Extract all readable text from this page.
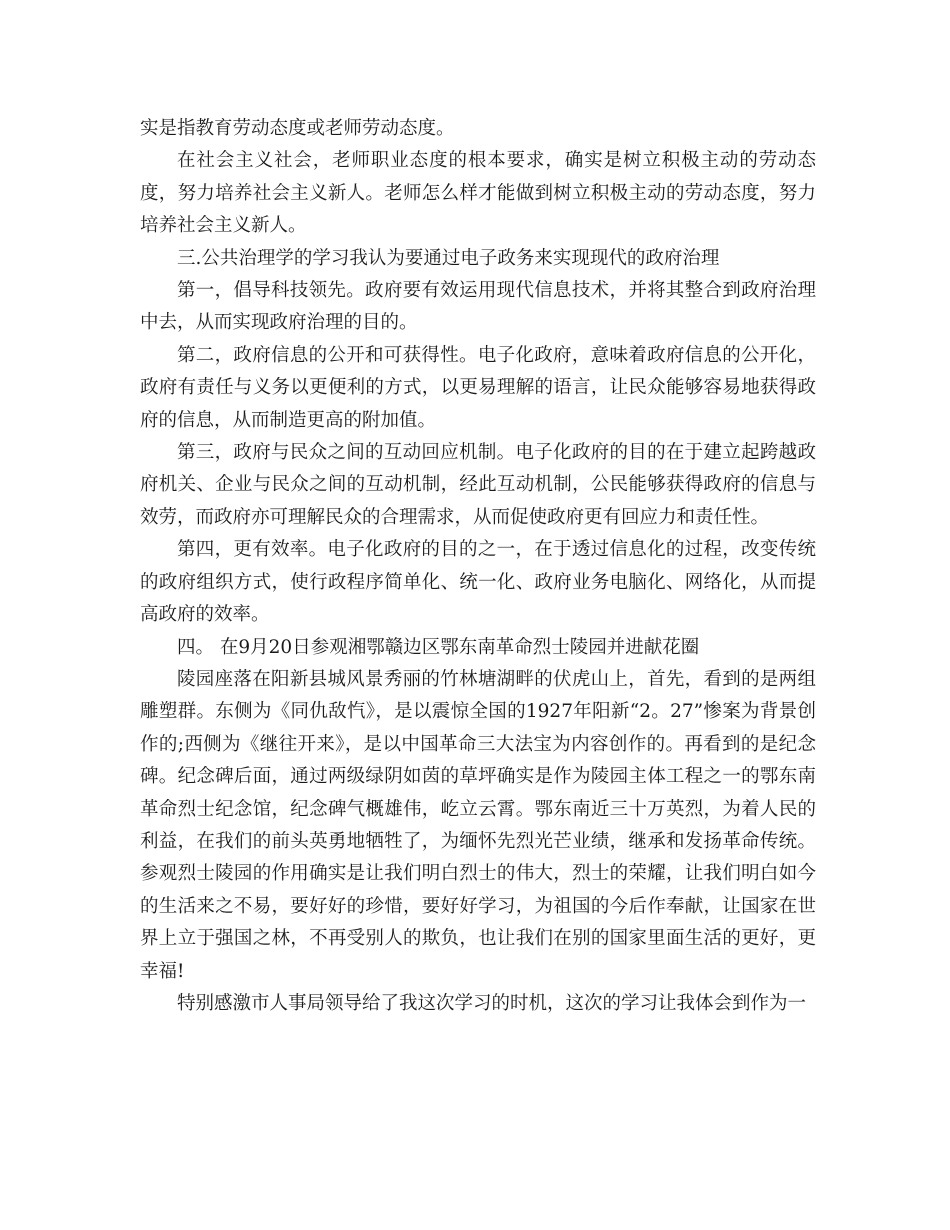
实是指教育劳动态度或老师劳动态度。

在社会主义社会，老师职业态度的根本要求，确实是树立积极主动的劳动态度，努力培养社会主义新人。老师怎么样才能做到树立积极主动的劳动态度，努力培养社会主义新人。

三.公共治理学的学习我认为要通过电子政务来实现现代的政府治理

第一，倡导科技领先。政府要有效运用现代信息技术，并将其整合到政府治理中去，从而实现政府治理的目的。

第二，政府信息的公开和可获得性。电子化政府，意味着政府信息的公开化，政府有责任与义务以更便利的方式，以更易理解的语言，让民众能够容易地获得政府的信息，从而制造更高的附加值。

第三，政府与民众之间的互动回应机制。电子化政府的目的在于建立起跨越政府机关、企业与民众之间的互动机制，经此互动机制，公民能够获得政府的信息与效劳，而政府亦可理解民众的合理需求，从而促使政府更有回应力和责任性。

第四，更有效率。电子化政府的目的之一，在于透过信息化的过程，改变传统的政府组织方式，使行政程序简单化、统一化、政府业务电脑化、网络化，从而提高政府的效率。

四。 在9月20日参观湘鄂赣边区鄂东南革命烈士陵园并进献花圈

陵园座落在阳新县城风景秀丽的竹林塘湖畔的伏虎山上，首先，看到的是两组雕塑群。东侧为《同仇敌忾》，是以震惊全国的1927年阳新“2。27”惨案为背景创作的;西侧为《继往开来》，是以中国革命三大法宝为内容创作的。再看到的是纪念碑。纪念碑后面，通过两级绿阴如茵的草坪确实是作为陵园主体工程之一的鄂东南革命烈士纪念馆，纪念碑气概雄伟，屹立云霄。鄂东南近三十万英烈，为着人民的利益，在我们的前头英勇地牺牲了，为缅怀先烈光芒业绩，继承和发扬革命传统。参观烈士陵园的作用确实是让我们明白烈士的伟大，烈士的荣耀，让我们明白如今的生活来之不易，要好好的珍惜，要好好学习，为祖国的今后作奉献，让国家在世界上立于强国之林，不再受别人的欺负，也让我们在别的国家里面生活的更好，更幸福!

特别感激市人事局领导给了我这次学习的时机，这次的学习让我体会到作为一
